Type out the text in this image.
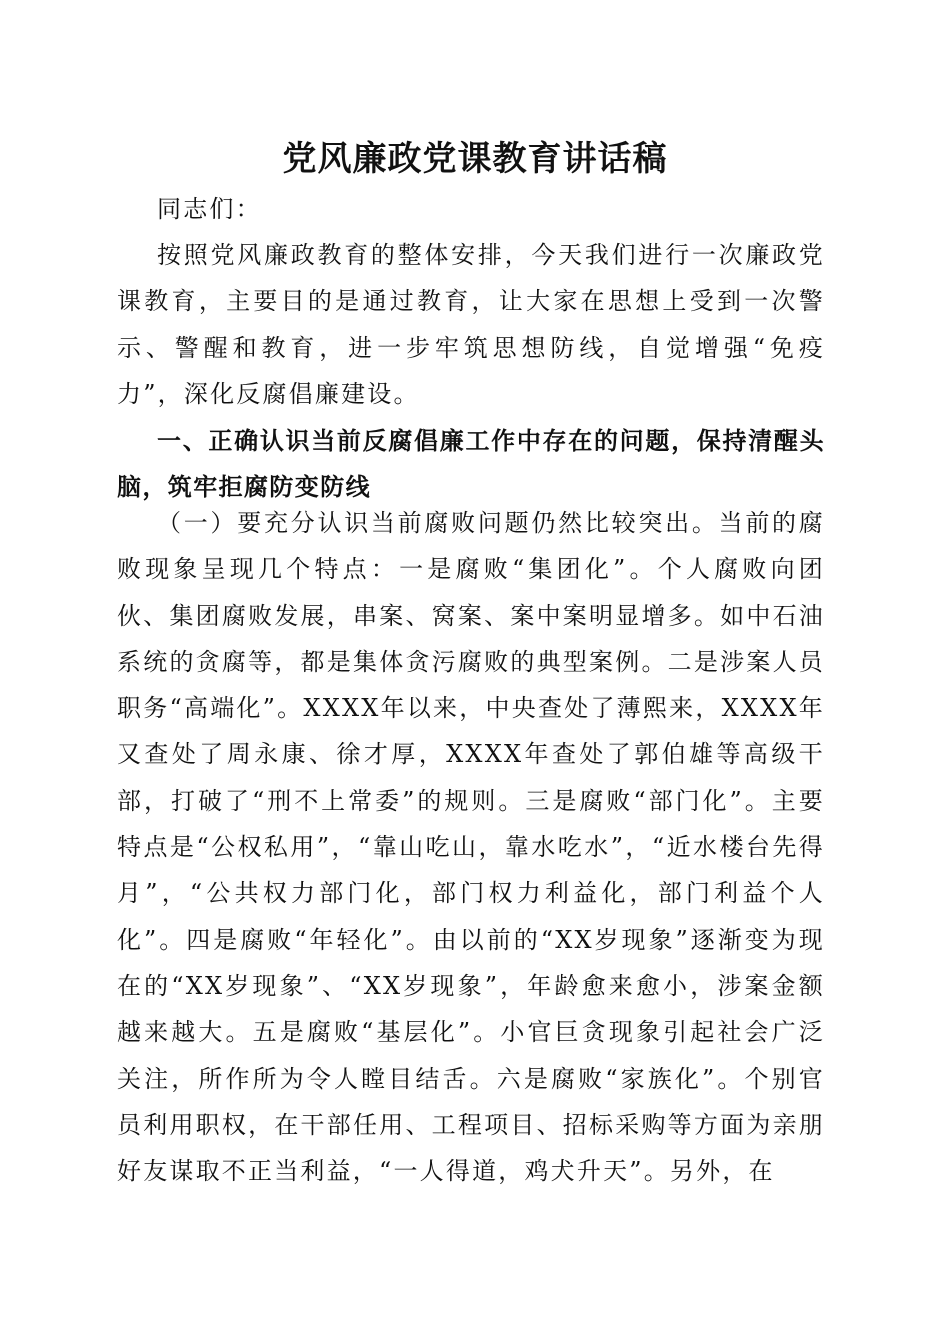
党风廉政党课教育讲话稿

同志们：

按照党风廉政教育的整体安排，今天我们进行一次廉政党课教育，主要目的是通过教育，让大家在思想上受到一次警示、警醒和教育，进一步牢筑思想防线，自觉增强“免疫力”，深化反腐倡廉建设。

一、正确认识当前反腐倡廉工作中存在的问题，保持清醒头脑，筑牢拒腐防变防线

（一）要充分认识当前腐败问题仍然比较突出。当前的腐败现象呈现几个特点：一是腐败“集团化”。个人腐败向团伙、集团腐败发展，串案、窝案、案中案明显增多。如中石油系统的贪腐等，都是集体贪污腐败的典型案例。二是涉案人员职务“高端化”。XXXX年以来，中央查处了薄熙来，XXXX年又查处了周永康、徐才厚，XXXX年查处了郭伯雄等高级干部，打破了“刑不上常委”的规则。三是腐败“部门化”。主要特点是“公权私用”，“靠山吃山，靠水吃水”，“近水楼台先得月”，“公共权力部门化，部门权力利益化，部门利益个人化”。四是腐败“年轻化”。由以前的“XX岁现象”逐渐变为现在的“XX岁现象”、“XX岁现象”，年龄愈来愈小，涉案金额越来越大。五是腐败“基层化”。小官巨贪现象引起社会广泛关注，所作所为令人瞠目结舌。六是腐败“家族化”。个别官员利用职权，在干部任用、工程项目、招标采购等方面为亲朋好友谋取不正当利益，“一人得道，鸡犬升天”。另外，在
